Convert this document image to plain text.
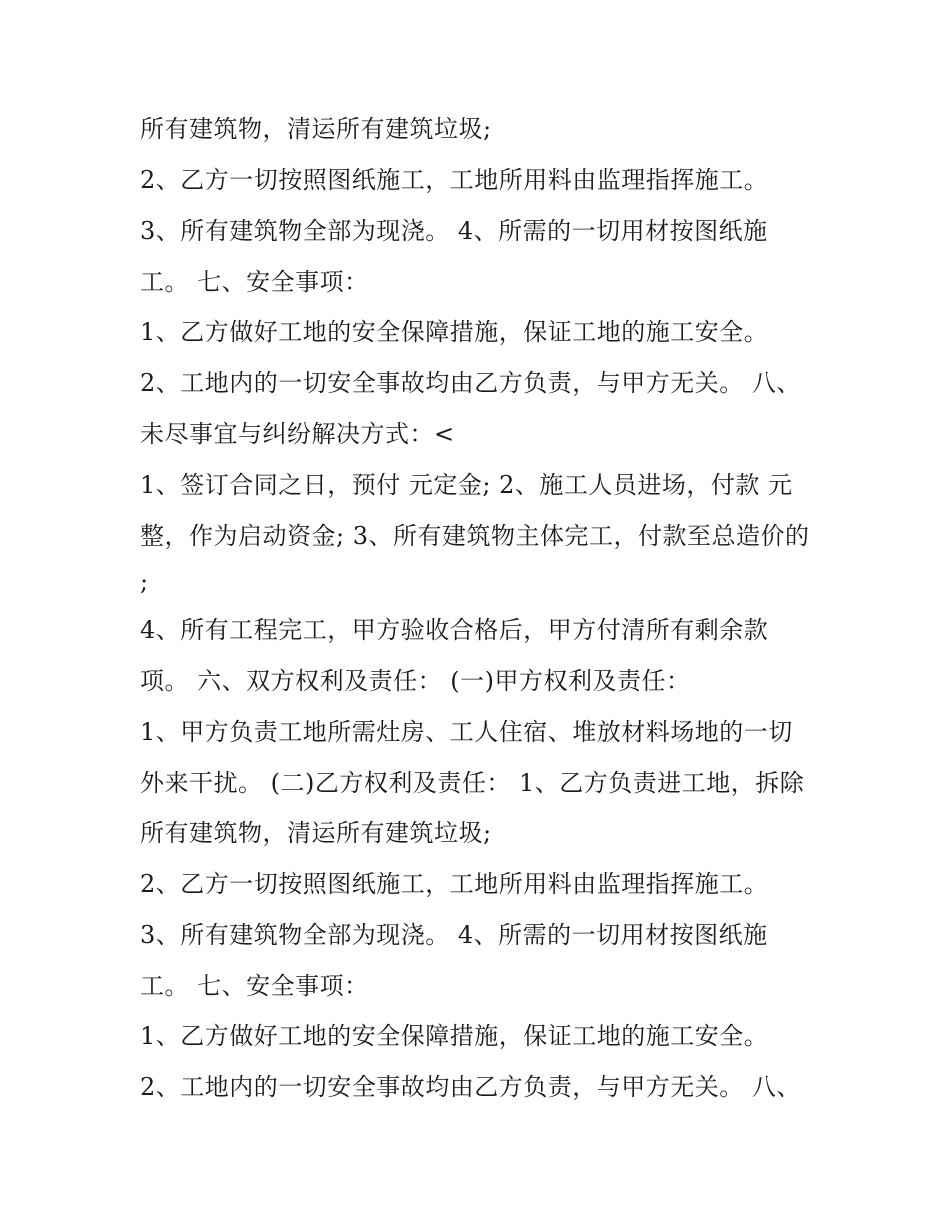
所有建筑物，清运所有建筑垃圾;
2、乙方一切按照图纸施工，工地所用料由监理指挥施工。
3、所有建筑物全部为现浇。 4、所需的一切用材按图纸施
工。 七、安全事项：
1、乙方做好工地的安全保障措施，保证工地的施工安全。
2、工地内的一切安全事故均由乙方负责，与甲方无关。 八、
未尽事宜与纠纷解决方式：<
1、签订合同之日，预付 元定金; 2、施工人员进场，付款 元
整，作为启动资金; 3、所有建筑物主体完工，付款至总造价的
;
4、所有工程完工，甲方验收合格后，甲方付清所有剩余款
项。 六、双方权利及责任： (一)甲方权利及责任：
1、甲方负责工地所需灶房、工人住宿、堆放材料场地的一切
外来干扰。 (二)乙方权利及责任： 1、乙方负责进工地，拆除
所有建筑物，清运所有建筑垃圾;
2、乙方一切按照图纸施工，工地所用料由监理指挥施工。
3、所有建筑物全部为现浇。 4、所需的一切用材按图纸施
工。 七、安全事项：
1、乙方做好工地的安全保障措施，保证工地的施工安全。
2、工地内的一切安全事故均由乙方负责，与甲方无关。 八、
